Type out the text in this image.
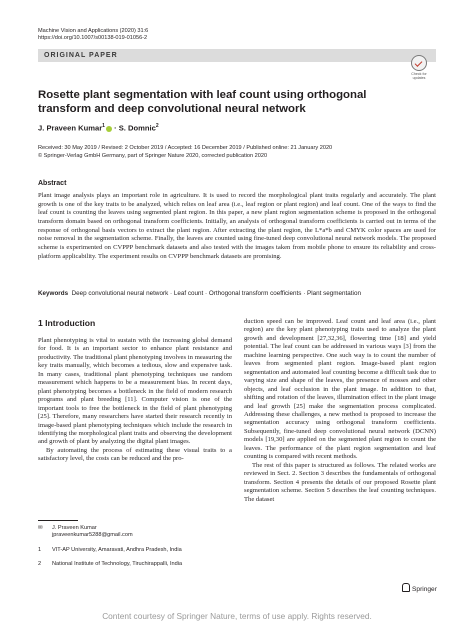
Machine Vision and Applications (2020) 31:6
https://doi.org/10.1007/s00138-019-01056-2
ORIGINAL PAPER
Check for
updates
Rosette plant segmentation with leaf count using orthogonal transform and deep convolutional neural network
J. Praveen Kumar$^1$ · S. Domnic$^2$
Received: 30 May 2019 / Revised: 2 October 2019 / Accepted: 16 December 2019 / Published online: 21 January 2020
© Springer-Verlag GmbH Germany, part of Springer Nature 2020, corrected publication 2020
Abstract
Plant image analysis plays an important role in agriculture. It is used to record the morphological plant traits regularly and accurately. The plant growth is one of the key traits to be analyzed, which relies on leaf area (i.e., leaf region or plant region) and leaf count. One of the ways to find the leaf count is counting the leaves using segmented plant region. In this paper, a new plant region segmentation scheme is proposed in the orthogonal transform domain based on orthogonal transform coefficients. Initially, an analysis of orthogonal transform coefficients is carried out in terms of the response of orthogonal basis vectors to extract the plant region. After extracting the plant region, the L*a*b and CMYK color spaces are used for noise removal in the segmentation scheme. Finally, the leaves are counted using fine-tuned deep convolutional neural network models. The proposed scheme is experimented on CVPPP benchmark datasets and also tested with the images taken from mobile phone to ensure its reliability and cross-platform applicability. The experiment results on CVPPP benchmark datasets are promising.
Keywords Deep convolutional neural network · Leaf count · Orthogonal transform coefficients · Plant segmentation
1 Introduction

Plant phenotyping is vital to sustain with the increasing global demand for food. It is an important sector to enhance plant resistance and productivity. The traditional plant phenotyping involves in measuring the key traits manually, which becomes a tedious, slow and expensive task. In many cases, traditional plant phenotyping techniques use random measurement which happens to be a measurement bias. In recent days, plant phenotyping becomes a bottleneck in the field of modern research programs and plant breeding [11]. Computer vision is one of the important tools to free the bottleneck in the field of plant phenotyping [25]. Therefore, many researchers have started their research recently in image-based plant phenotyping techniques which include the research in identifying the morphological plant traits and observing the development and growth of plant by analyzing the digital plant images.

By automating the process of estimating these visual traits to a satisfactory level, the costs can be reduced and the pro-

duction speed can be improved. Leaf count and leaf area (i.e., plant region) are the key plant phenotyping traits used to analyze the plant growth and development [27,32,36], flowering time [18] and yield potential. The leaf count can be addressed in various ways [3] from the machine learning perspective. One such way is to count the number of leaves from segmented plant region. Image-based plant region segmentation and automated leaf counting become a difficult task due to varying size and shape of the leaves, the presence of mosses and other objects, and leaf occlusion in the plant image. In addition to that, shifting and rotation of the leaves, illumination effect in the plant image and leaf growth [25] make the segmentation process complicated. Addressing these challenges, a new method is proposed to increase the segmentation accuracy using orthogonal transform coefficients. Subsequently, fine-tuned deep convolutional neural network (DCNN) models [19,30] are applied on the segmented plant region to count the leaves. The performance of the plant region segmentation and leaf counting is compared with recent methods.

The rest of this paper is structured as follows. The related works are reviewed in Sect. 2. Section 3 describes the fundamentals of orthogonal transform. Section 4 presents the details of our proposed Rosette plant segmentation scheme. Section 5 describes the leaf counting techniques. The dataset

✉ J. Praveen Kumar
jpraveenkumar5288@gmail.com
1 VIT-AP University, Amaravati, Andhra Pradesh, India
2 National Institute of Technology, Tiruchirappalli, India
Springer
Content courtesy of Springer Nature, terms of use apply. Rights reserved.
